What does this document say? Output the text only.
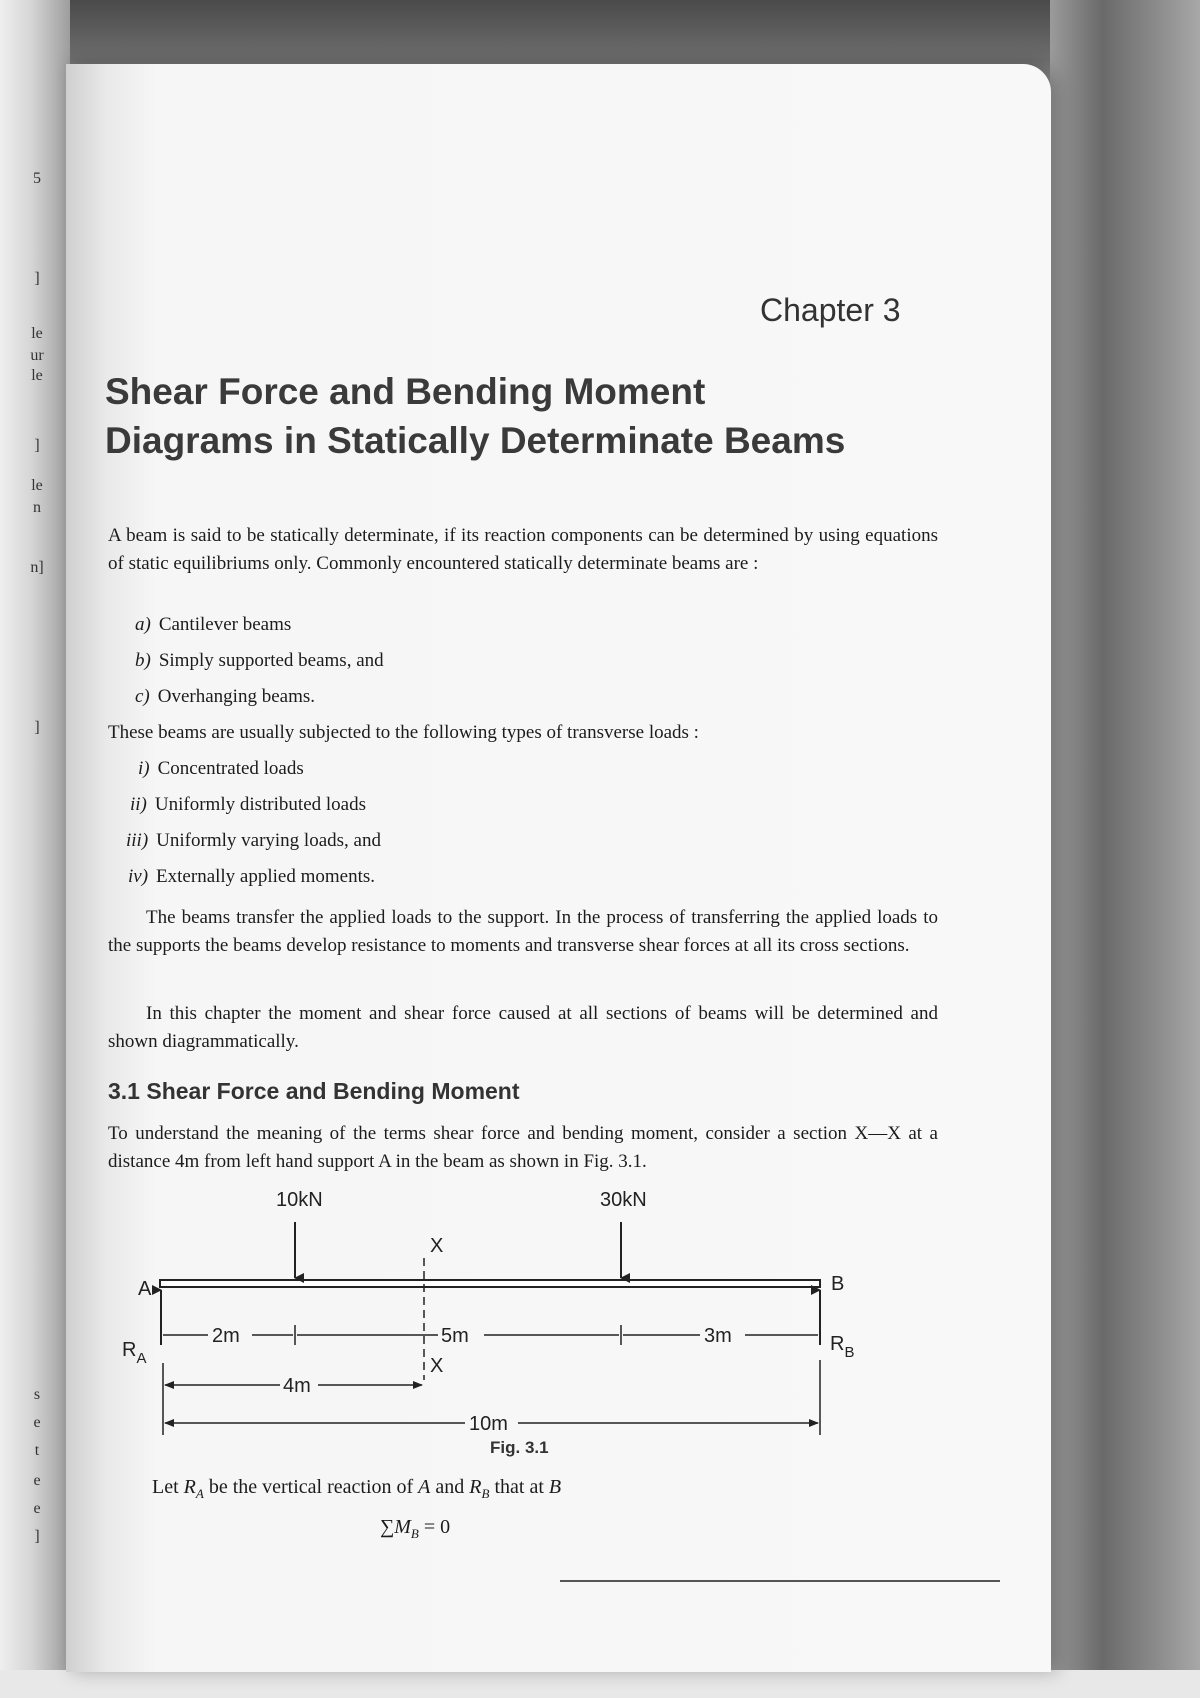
5
]
le
ur
le
]
le
n
n]
]
s
e
t
e
e
]
Chapter 3
Shear Force and Bending Moment
Diagrams in Statically Determinate Beams

A beam is said to be statically determinate, if its reaction components can be determined by using equations of static equilibriums only. Commonly encountered statically determinate beams are :

a) Cantilever beams
b) Simply supported beams, and
c) Overhanging beams.
These beams are usually subjected to the following types of transverse loads :
i) Concentrated loads
ii) Uniformly distributed loads
iii) Uniformly varying loads, and
iv) Externally applied moments.

The beams transfer the applied loads to the support. In the process of transferring the applied loads to the supports the beams develop resistance to moments and transverse shear forces at all its cross sections.

In this chapter the moment and shear force caused at all sections of beams will be determined and shown diagrammatically.

3.1 Shear Force and Bending Moment

To understand the meaning of the terms shear force and bending moment, consider a section X—X at a distance 4m from left hand support A in the beam as shown in Fig. 3.1.

10kN	30kN
A	B
X
X
$R_A$
$R_B$
2m	5m	3m
4m
10m
Fig. 3.1
Let $R_A$ be the vertical reaction of A and $R_B$ that at B
$\sum M_B = 0$
